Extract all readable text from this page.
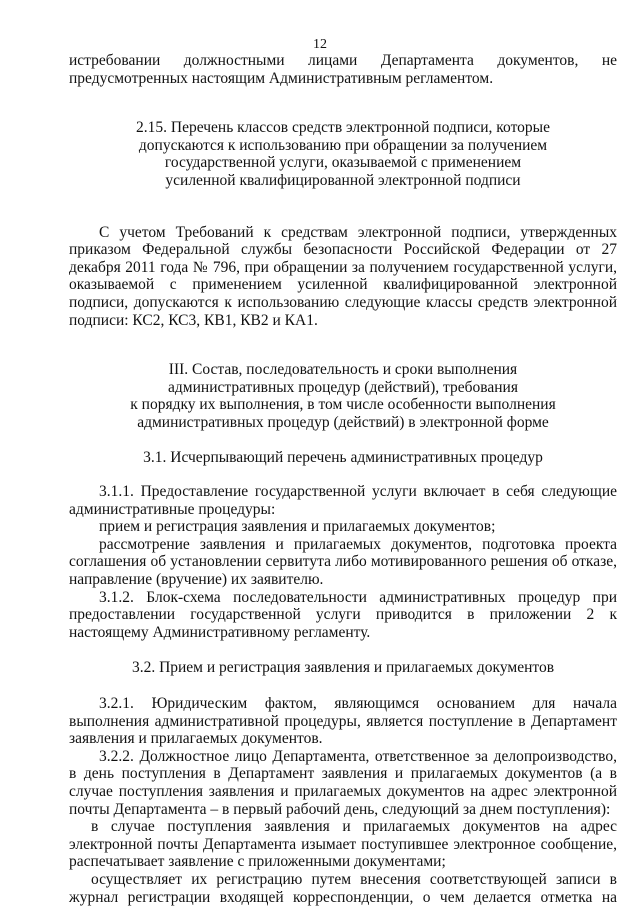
12

истребовании должностными лицами Департамента документов, не

предусмотренных настоящим Административным регламентом.

2.15. Перечень классов средств электронной подписи, которые
допускаются к использованию при обращении за получением
государственной услуги, оказываемой с применением
усиленной квалифицированной электронной подписи

С учетом Требований к средствам электронной подписи, утвержденных приказом Федеральной службы безопасности Российской Федерации от 27 декабря 2011 года № 796, при обращении за получением государственной услуги, оказываемой с применением усиленной квалифицированной электронной подписи, допускаются к использованию следующие классы средств электронной подписи: КС2, КС3, КВ1, КВ2 и КА1.

III. Состав, последовательность и сроки выполнения
административных процедур (действий), требования
к порядку их выполнения, в том числе особенности выполнения
административных процедур (действий) в электронной форме

3.1. Исчерпывающий перечень административных процедур

3.1.1. Предоставление государственной услуги включает в себя следующие административные процедуры:

прием и регистрация заявления и прилагаемых документов;

рассмотрение заявления и прилагаемых документов, подготовка проекта соглашения об установлении сервитута либо мотивированного решения об отказе, направление (вручение) их заявителю.

3.1.2. Блок-схема последовательности административных процедур при предоставлении государственной услуги приводится в приложении 2 к настоящему Административному регламенту.

3.2. Прием и регистрация заявления и прилагаемых документов

3.2.1. Юридическим фактом, являющимся основанием для начала выполнения административной процедуры, является поступление в Департамент заявления и прилагаемых документов.

3.2.2. Должностное лицо Департамента, ответственное за делопроизводство, в день поступления в Департамент заявления и прилагаемых документов (а в случае поступления заявления и прилагаемых документов на адрес электронной почты Департамента – в первый рабочий день, следующий за днем поступления):

в случае поступления заявления и прилагаемых документов на адрес электронной почты Департамента изымает поступившее электронное сообщение, распечатывает заявление с приложенными документами;

осуществляет их регистрацию путем внесения соответствующей записи в журнал регистрации входящей корреспонденции, о чем делается отметка на
